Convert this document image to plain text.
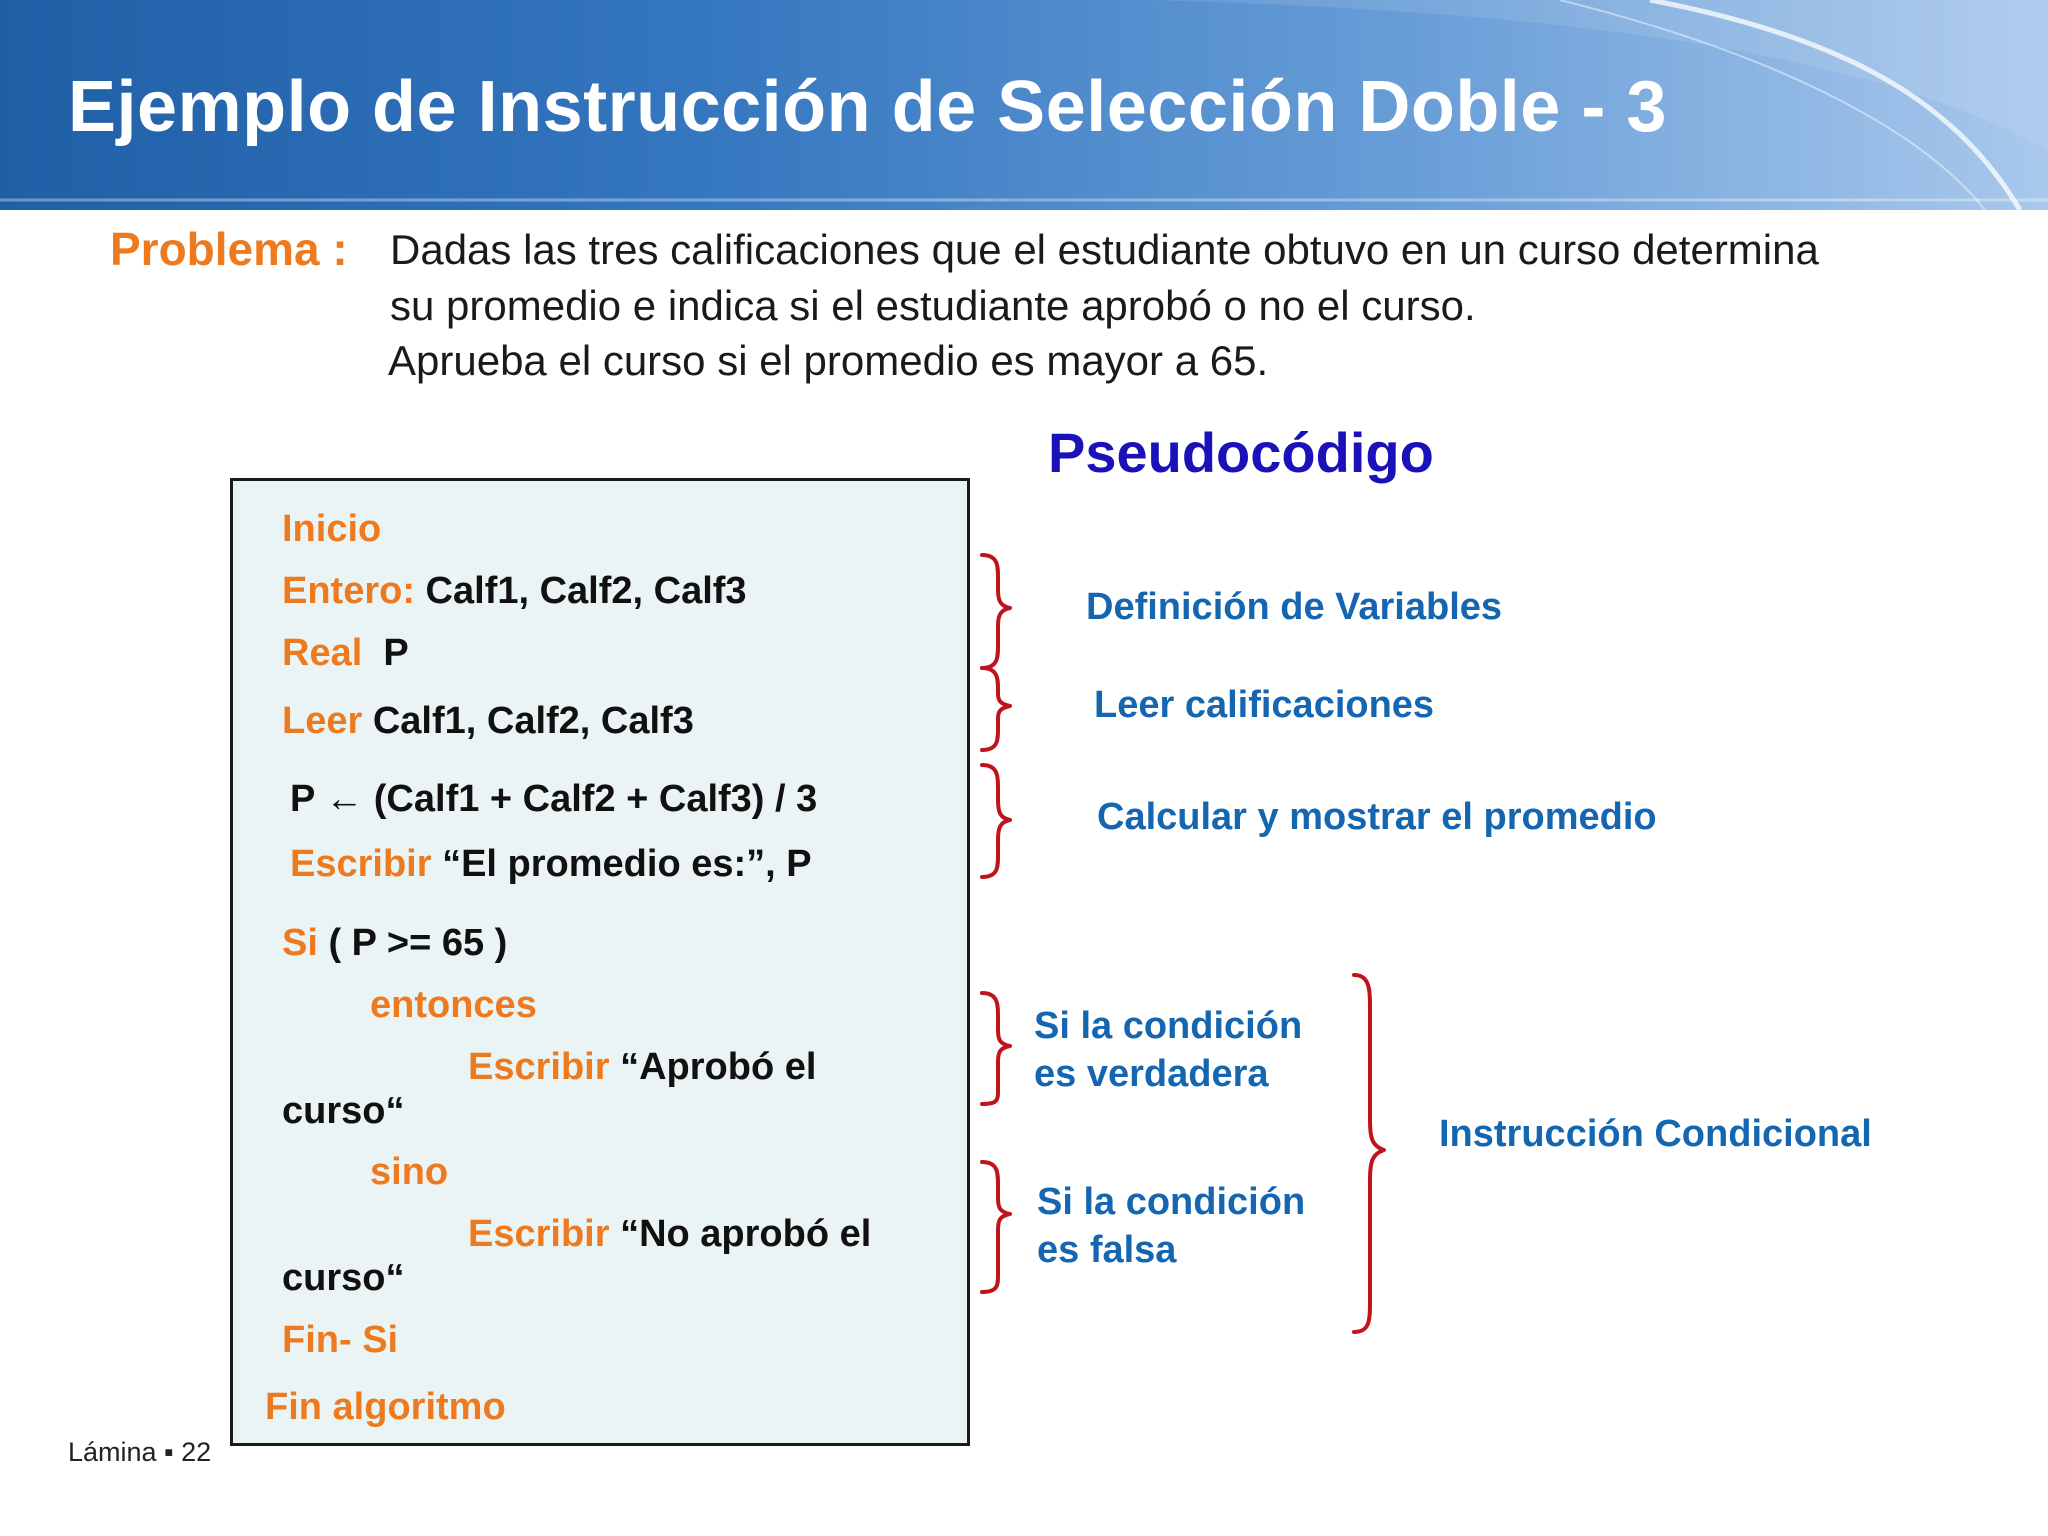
Ejemplo de Instrucción de Selección Doble - 3
Problema : Dadas las tres calificaciones que el estudiante obtuvo en un curso determina
su promedio e indica si el estudiante aprobó o no el curso.
Aprueba el curso si el promedio es mayor a 65.
Pseudocódigo
Inicio
Entero: Calf1, Calf2, Calf3
Real  P
Leer Calf1, Calf2, Calf3
P ← (Calf1 + Calf2 + Calf3) / 3
Escribir “El promedio es:”, P
Si ( P >= 65 )
entonces
Escribir “Aprobó el
curso“
sino
Escribir “No aprobó el
curso“
Fin- Si
Fin algoritmo
Definición de Variables
Leer calificaciones
Calcular y mostrar el promedio
Si la condición es verdadera
Si la condición es falsa
Instrucción Condicional
Lámina ▪ 22
